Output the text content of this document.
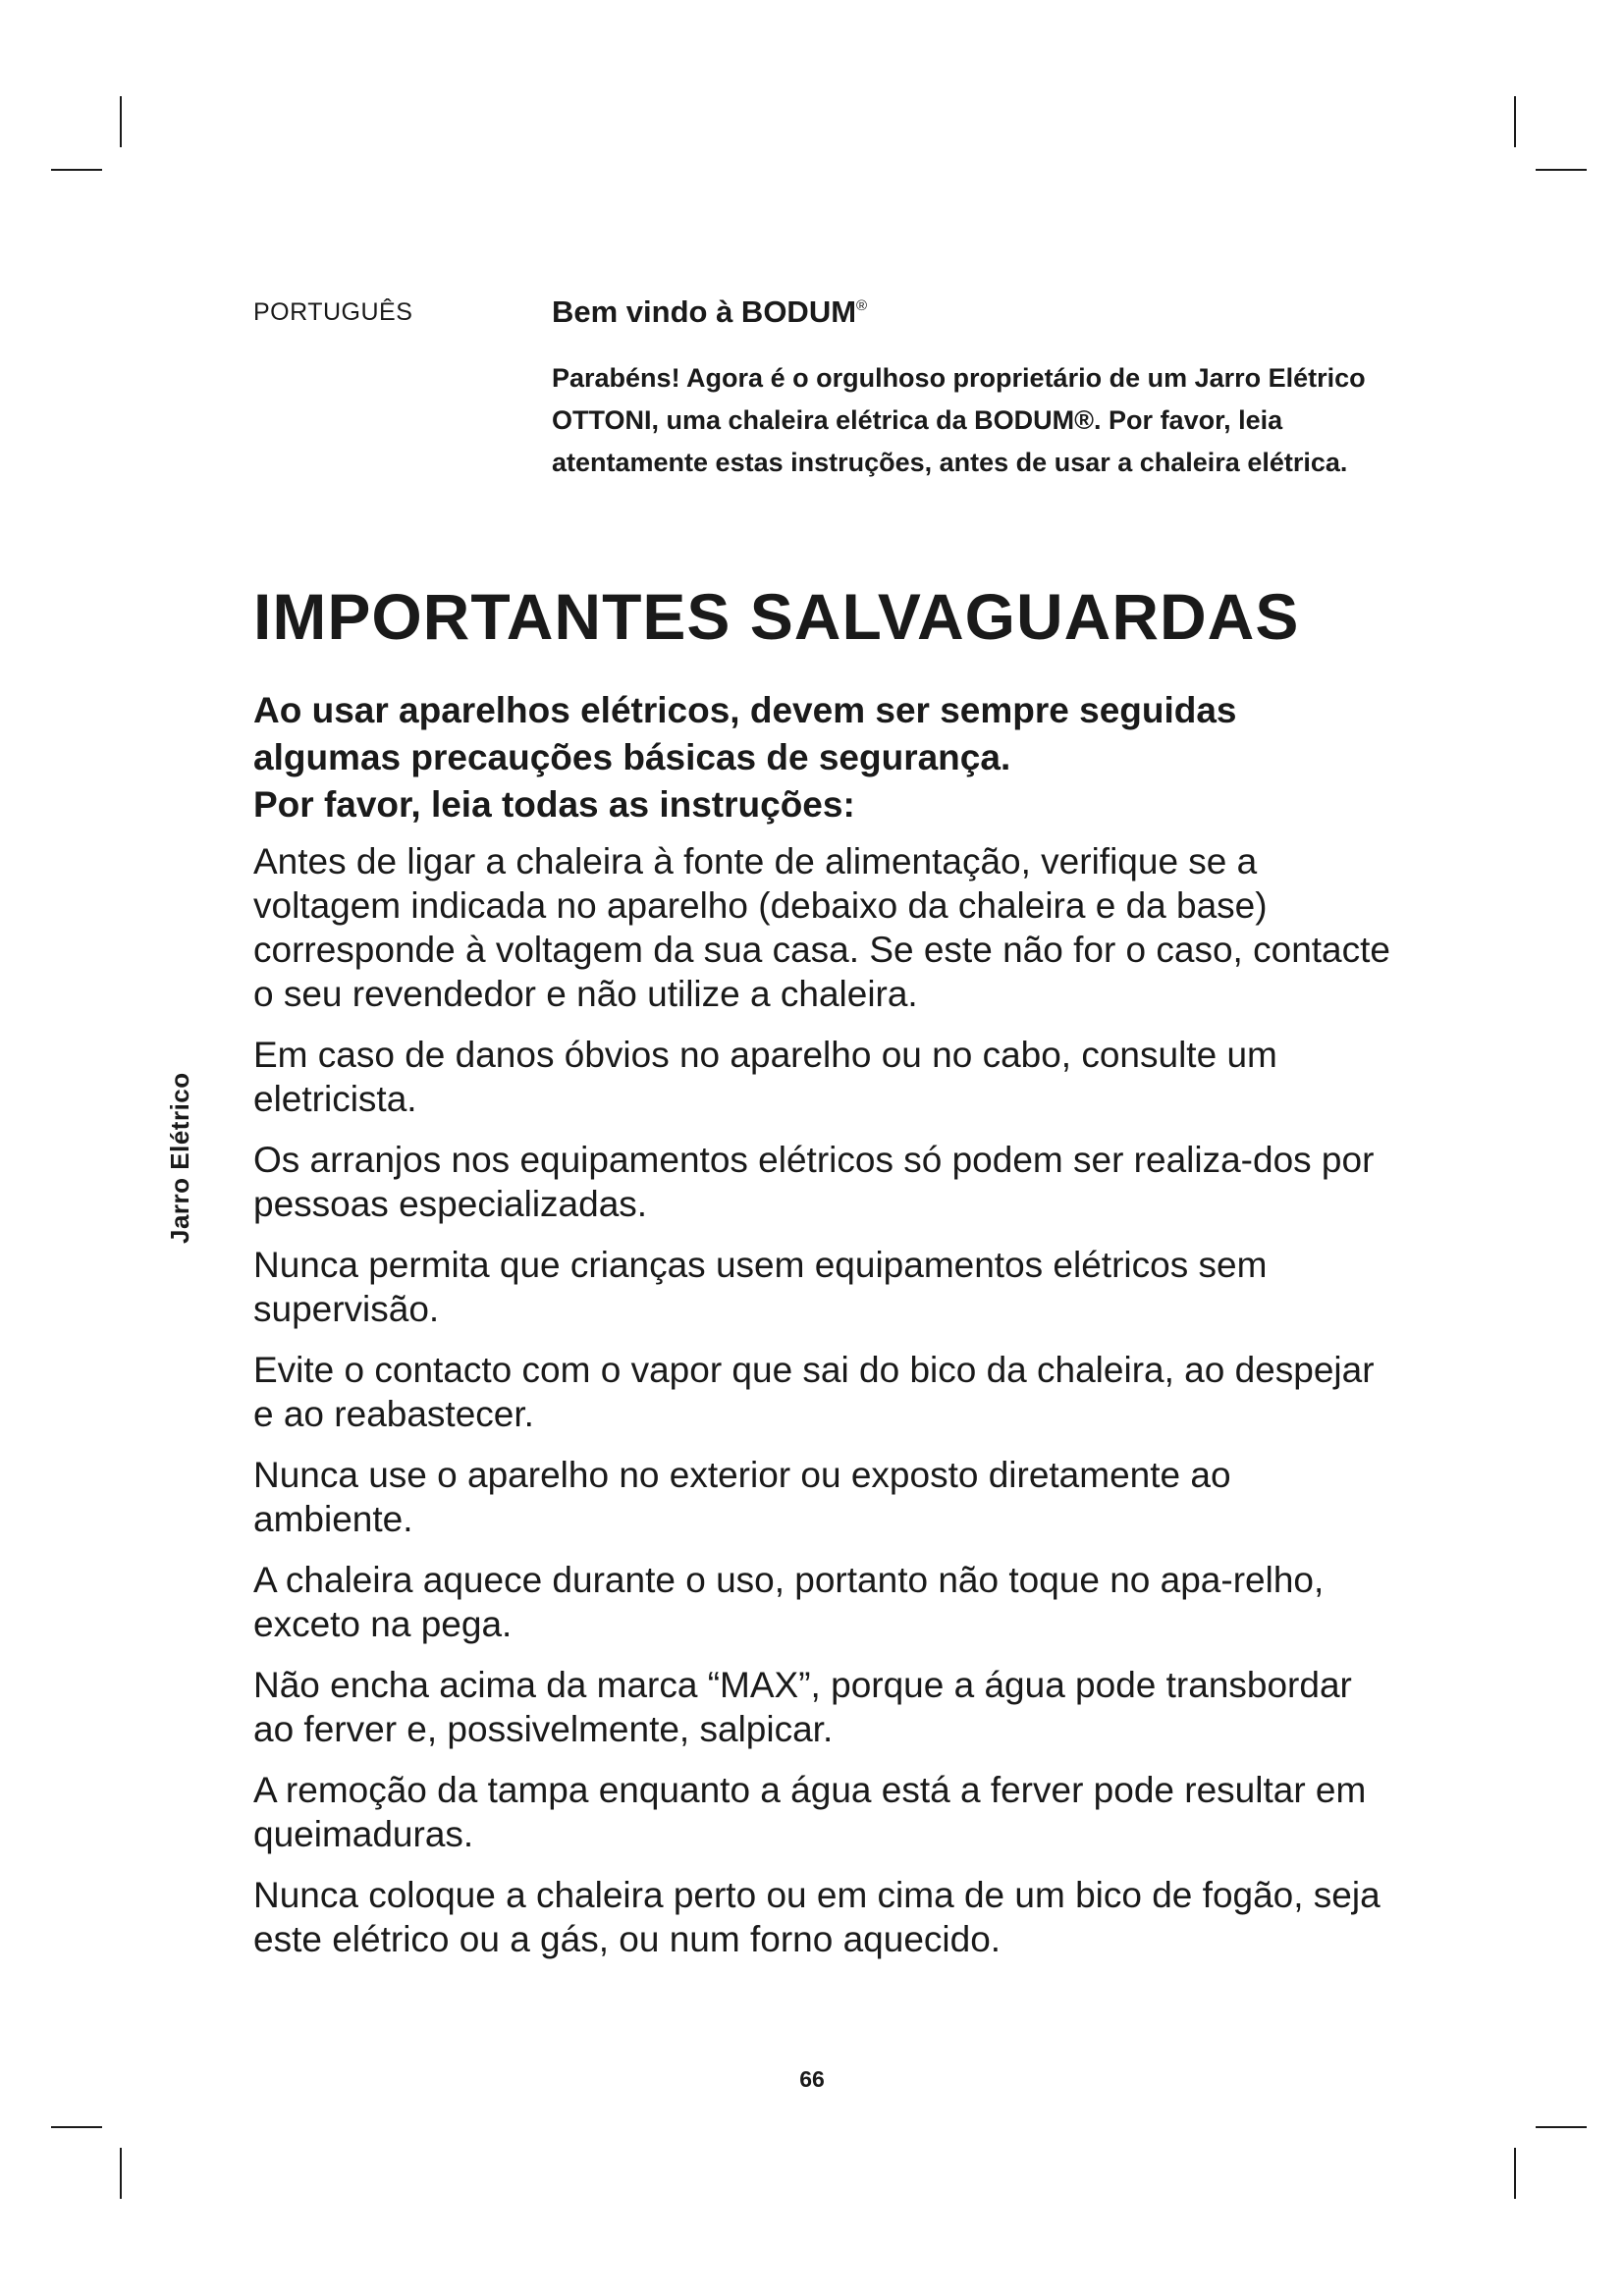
PORTUGUÊS	Bem vindo à BODUM®
Parabéns! Agora é o orgulhoso proprietário de um Jarro Elétrico OTTONI, uma chaleira elétrica da BODUM®. Por favor, leia atentamente estas instruções, antes de usar a chaleira elétrica.
IMPORTANTES SALVAGUARDAS
Ao usar aparelhos elétricos, devem ser sempre seguidas algumas precauções básicas de segurança.
Por favor, leia todas as instruções:

Antes de ligar a chaleira à fonte de alimentação, verifique se a voltagem indicada no aparelho (debaixo da chaleira e da base) corresponde à voltagem da sua casa. Se este não for o caso, contacte o seu revendedor e não utilize a chaleira.

Em caso de danos óbvios no aparelho ou no cabo, consulte um eletricista.

Os arranjos nos equipamentos elétricos só podem ser realiza-dos por pessoas especializadas.

Nunca permita que crianças usem equipamentos elétricos sem supervisão.

Evite o contacto com o vapor que sai do bico da chaleira, ao despejar e ao reabastecer.

Nunca use o aparelho no exterior ou exposto diretamente ao ambiente.

A chaleira aquece durante o uso, portanto não toque no apa-relho, exceto na pega.

Não encha acima da marca “MAX”, porque a água pode transbordar ao ferver e, possivelmente, salpicar.

A remoção da tampa enquanto a água está a ferver pode resultar em queimaduras.

Nunca coloque a chaleira perto ou em cima de um bico de fogão, seja este elétrico ou a gás, ou num forno aquecido.

Jarro Elétrico
66
